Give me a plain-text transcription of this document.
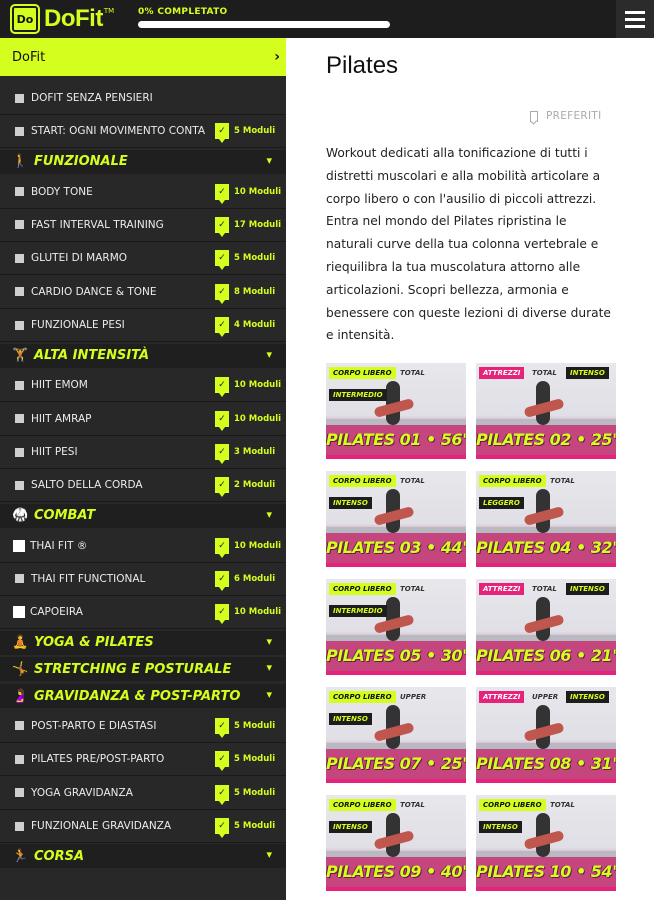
Do DoFit TM	0% COMPLETATO
DoFit	›
DOFIT SENZA PENSIERI
START: OGNI MOVIMENTO CONTA	✓ 5 Moduli
🚶 FUNZIONALE	▾
BODY TONE	✓ 10 Moduli
FAST INTERVAL TRAINING	✓ 17 Moduli
GLUTEI DI MARMO	✓ 5 Moduli
CARDIO DANCE & TONE	✓ 8 Moduli
FUNZIONALE PESI	✓ 4 Moduli
🏋 ALTA INTENSITÀ	▾
HIIT EMOM	✓ 10 Moduli
HIIT AMRAP	✓ 10 Moduli
HIIT PESI	✓ 3 Moduli
SALTO DELLA CORDA	✓ 2 Moduli
🥋 COMBAT	▾
THAI FIT ®	✓ 10 Moduli
THAI FIT FUNCTIONAL	✓ 6 Moduli
CAPOEIRA	✓ 10 Moduli
🧘 YOGA & PILATES	▾
🤸 STRETCHING E POSTURALE	▾
🤰 GRAVIDANZA & POST-PARTO ▾
POST-PARTO E DIASTASI	✓ 5 Moduli
PILATES PRE/POST-PARTO	✓ 5 Moduli
YOGA GRAVIDANZA	✓ 5 Moduli
FUNZIONALE GRAVIDANZA	✓ 5 Moduli
🏃 CORSA	▾
Pilates
PREFERITI
Workout dedicati alla tonificazione di tutti i distretti muscolari e alla mobilità articolare a corpo libero o con l'ausilio di piccoli attrezzi. Entra nel mondo del Pilates ripristina le naturali curve della tua colonna vertebrale e riequilibra la tua muscolatura attorno alle articolazioni. Scopri bellezza, armonia e benessere con queste lezioni di diverse durate e intensità.
CORPO LIBERO	TOTAL
INTERMEDIO
PILATES 01 • 56'
ATTREZZI	TOTAL	INTENSO
PILATES 02 • 25'
CORPO LIBERO	TOTAL
INTENSO
PILATES 03 • 44'
CORPO LIBERO	TOTAL
LEGGERO
PILATES 04 • 32'
CORPO LIBERO	TOTAL
INTERMEDIO
PILATES 05 • 30'
ATTREZZI	TOTAL	INTENSO
PILATES 06 • 21'
CORPO LIBERO	UPPER
INTENSO
PILATES 07 • 25'
ATTREZZI	UPPER	INTENSO
PILATES 08 • 31'
CORPO LIBERO	TOTAL
INTENSO
PILATES 09 • 40'
CORPO LIBERO	TOTAL
INTENSO
PILATES 10 • 54'
